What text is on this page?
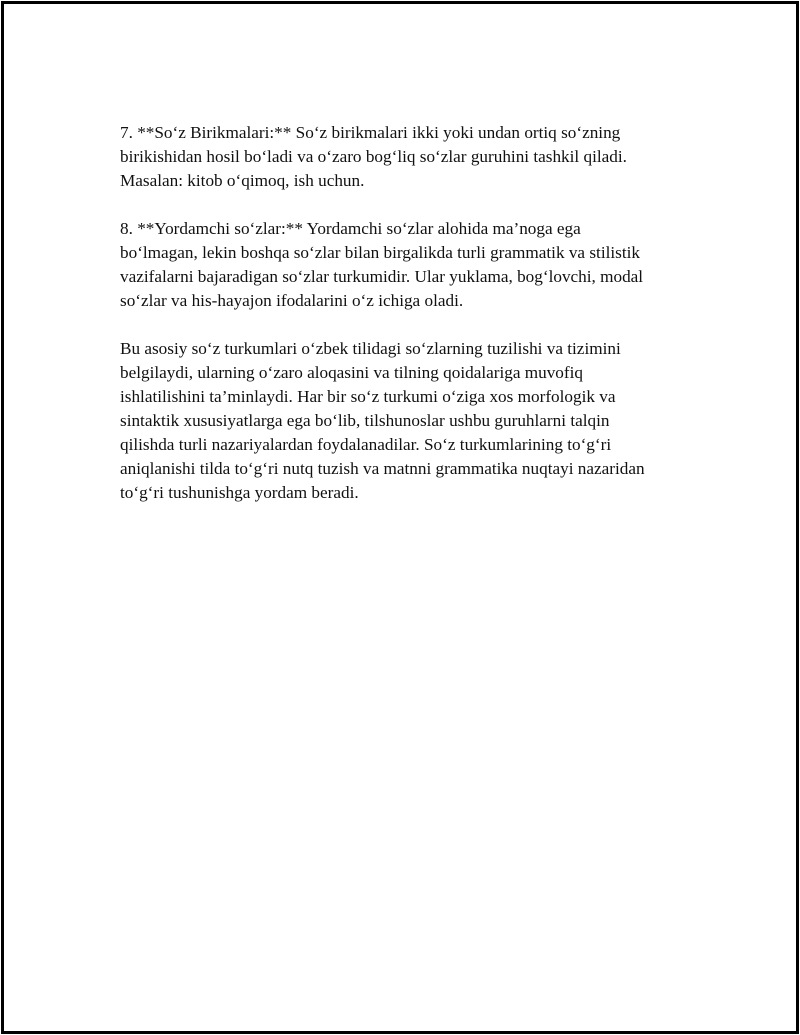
7. **So‘z Birikmalari:** So‘z birikmalari ikki yoki undan ortiq so‘zning
birikishidan hosil bo‘ladi va o‘zaro bog‘liq so‘zlar guruhini tashkil qiladi.
Masalan: kitob o‘qimoq, ish uchun.

8. **Yordamchi so‘zlar:** Yordamchi so‘zlar alohida ma’noga ega
bo‘lmagan, lekin boshqa so‘zlar bilan birgalikda turli grammatik va stilistik
vazifalarni bajaradigan so‘zlar turkumidir. Ular yuklama, bog‘lovchi, modal
so‘zlar va his-hayajon ifodalarini o‘z ichiga oladi.

Bu asosiy so‘z turkumlari o‘zbek tilidagi so‘zlarning tuzilishi va tizimini
belgilaydi, ularning o‘zaro aloqasini va tilning qoidalariga muvofiq
ishlatilishini ta’minlaydi. Har bir so‘z turkumi o‘ziga xos morfologik va
sintaktik xususiyatlarga ega bo‘lib, tilshunoslar ushbu guruhlarni talqin
qilishda turli nazariyalardan foydalanadilar. So‘z turkumlarining to‘g‘ri
aniqlanishi tilda to‘g‘ri nutq tuzish va matnni grammatika nuqtayi nazaridan
to‘g‘ri tushunishga yordam beradi.
